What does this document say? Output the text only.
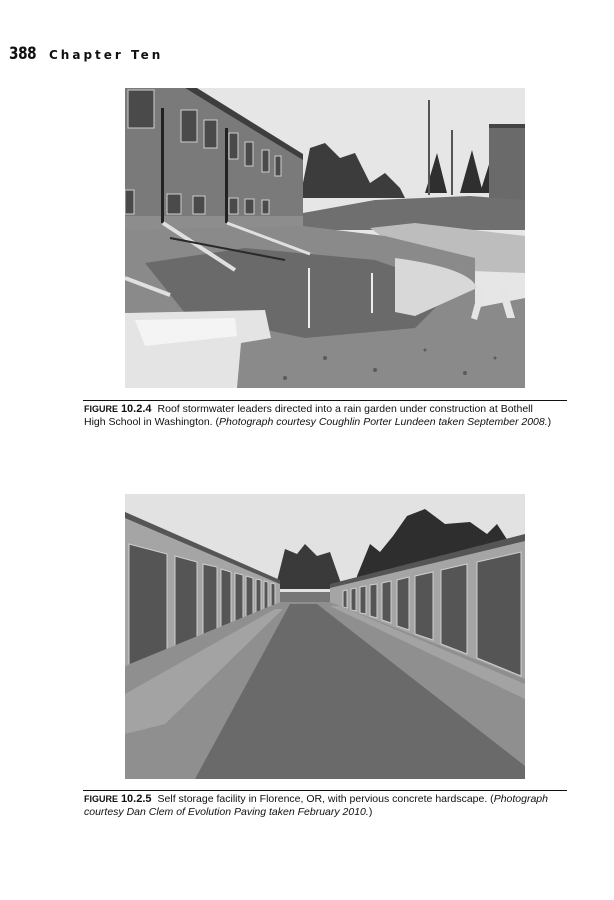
388 Chapter Ten
FIGURE 10.2.4 Roof stormwater leaders directed into a rain garden under construction at Bothell High School in Washington. (Photograph courtesy Coughlin Porter Lundeen taken September 2008.)
FIGURE 10.2.5 Self storage facility in Florence, OR, with pervious concrete hardscape. (Photograph courtesy Dan Clem of Evolution Paving taken February 2010.)
